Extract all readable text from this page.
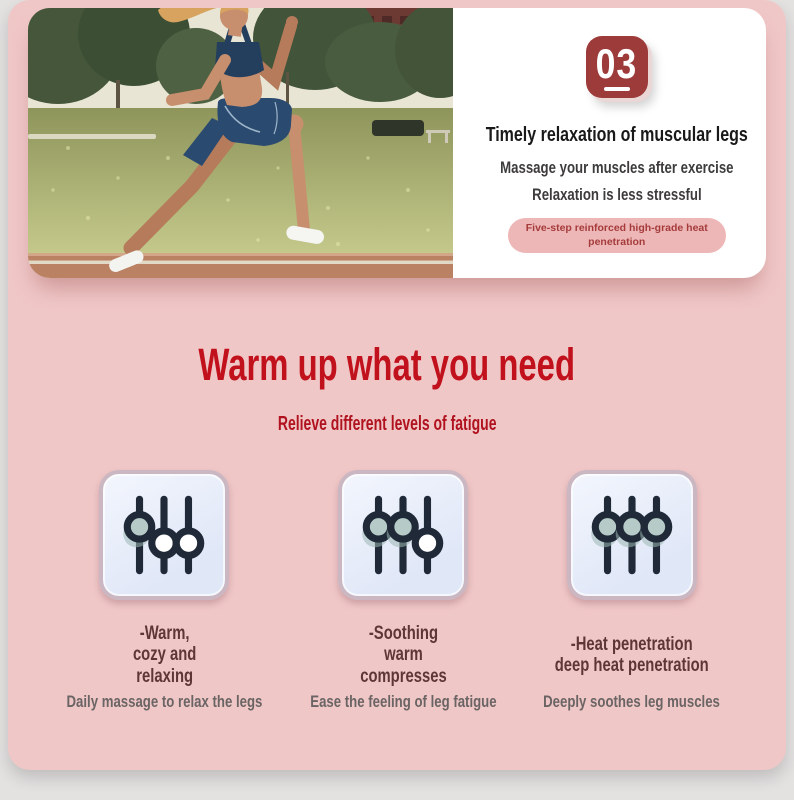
03
Timely relaxation of muscular legs
Massage your muscles after exercise
Relaxation is less stressful
Five-step reinforced high-grade heat
penetration
Warm up what you need
Relieve different levels of fatigue
-Warm,
cozy and
relaxing
Daily massage to relax the legs
-Soothing
warm
compresses
Ease the feeling of leg fatigue
-Heat penetration
deep heat penetration
Deeply soothes leg muscles
